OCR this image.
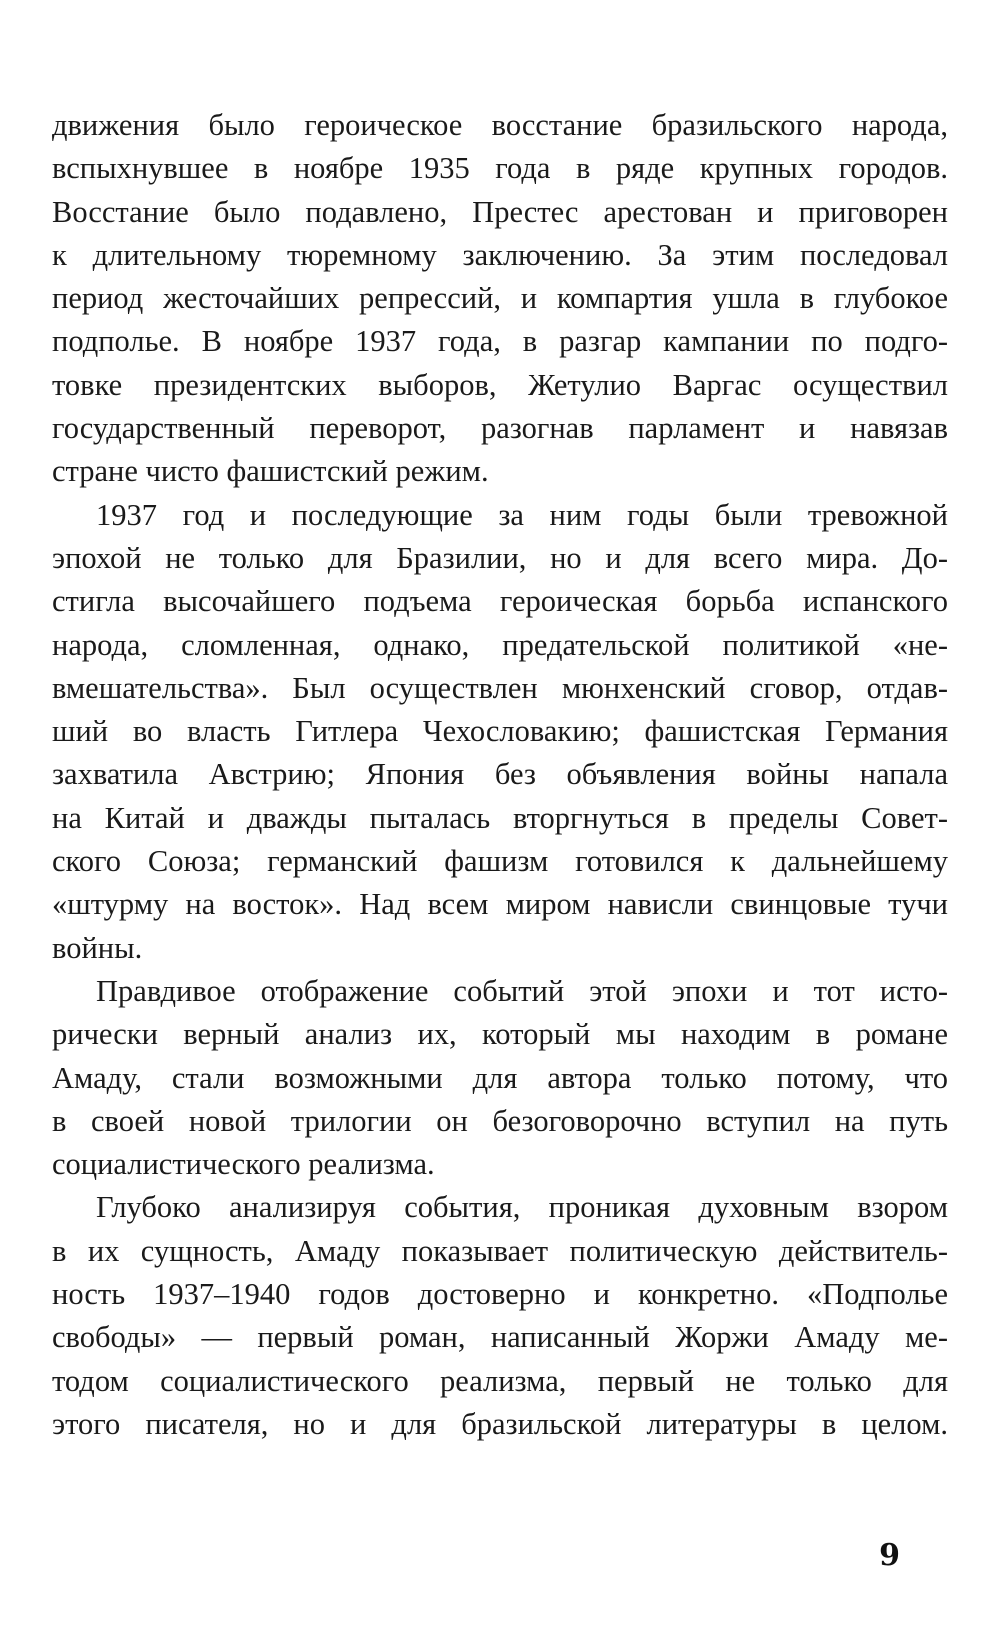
движения было героическое восстание бразильского народа,
вспыхнувшее в ноябре 1935 года в ряде крупных городов.
Восстание было подавлено, Престес арестован и приговорен
к длительному тюремному заключению. За этим последовал
период жесточайших репрессий, и компартия ушла в глубокое
подполье. В ноябре 1937 года, в разгар кампании по подго-
товке президентских выборов, Жетулио Варгас осуществил
государственный переворот, разогнав парламент и навязав
стране чисто фашистский режим.

1937 год и последующие за ним годы были тревожной
эпохой не только для Бразилии, но и для всего мира. До-
стигла высочайшего подъема героическая борьба испанского
народа, сломленная, однако, предательской политикой «не-
вмешательства». Был осуществлен мюнхенский сговор, отдав-
ший во власть Гитлера Чехословакию; фашистская Германия
захватила Австрию; Япония без объявления войны напала
на Китай и дважды пыталась вторгнуться в пределы Совет-
ского Союза; германский фашизм готовился к дальнейшему
«штурму на восток». Над всем миром нависли свинцовые тучи
войны.

Правдивое отображение событий этой эпохи и тот исто-
рически верный анализ их, который мы находим в романе
Амаду, стали возможными для автора только потому, что
в своей новой трилогии он безоговорочно вступил на путь
социалистического реализма.

Глубоко анализируя события, проникая духовным взором
в их сущность, Амаду показывает политическую действитель-
ность 1937–1940 годов достоверно и конкретно. «Подполье
свободы» — первый роман, написанный Жоржи Амаду ме-
тодом социалистического реализма, первый не только для
этого писателя, но и для бразильской литературы в целом.

9
